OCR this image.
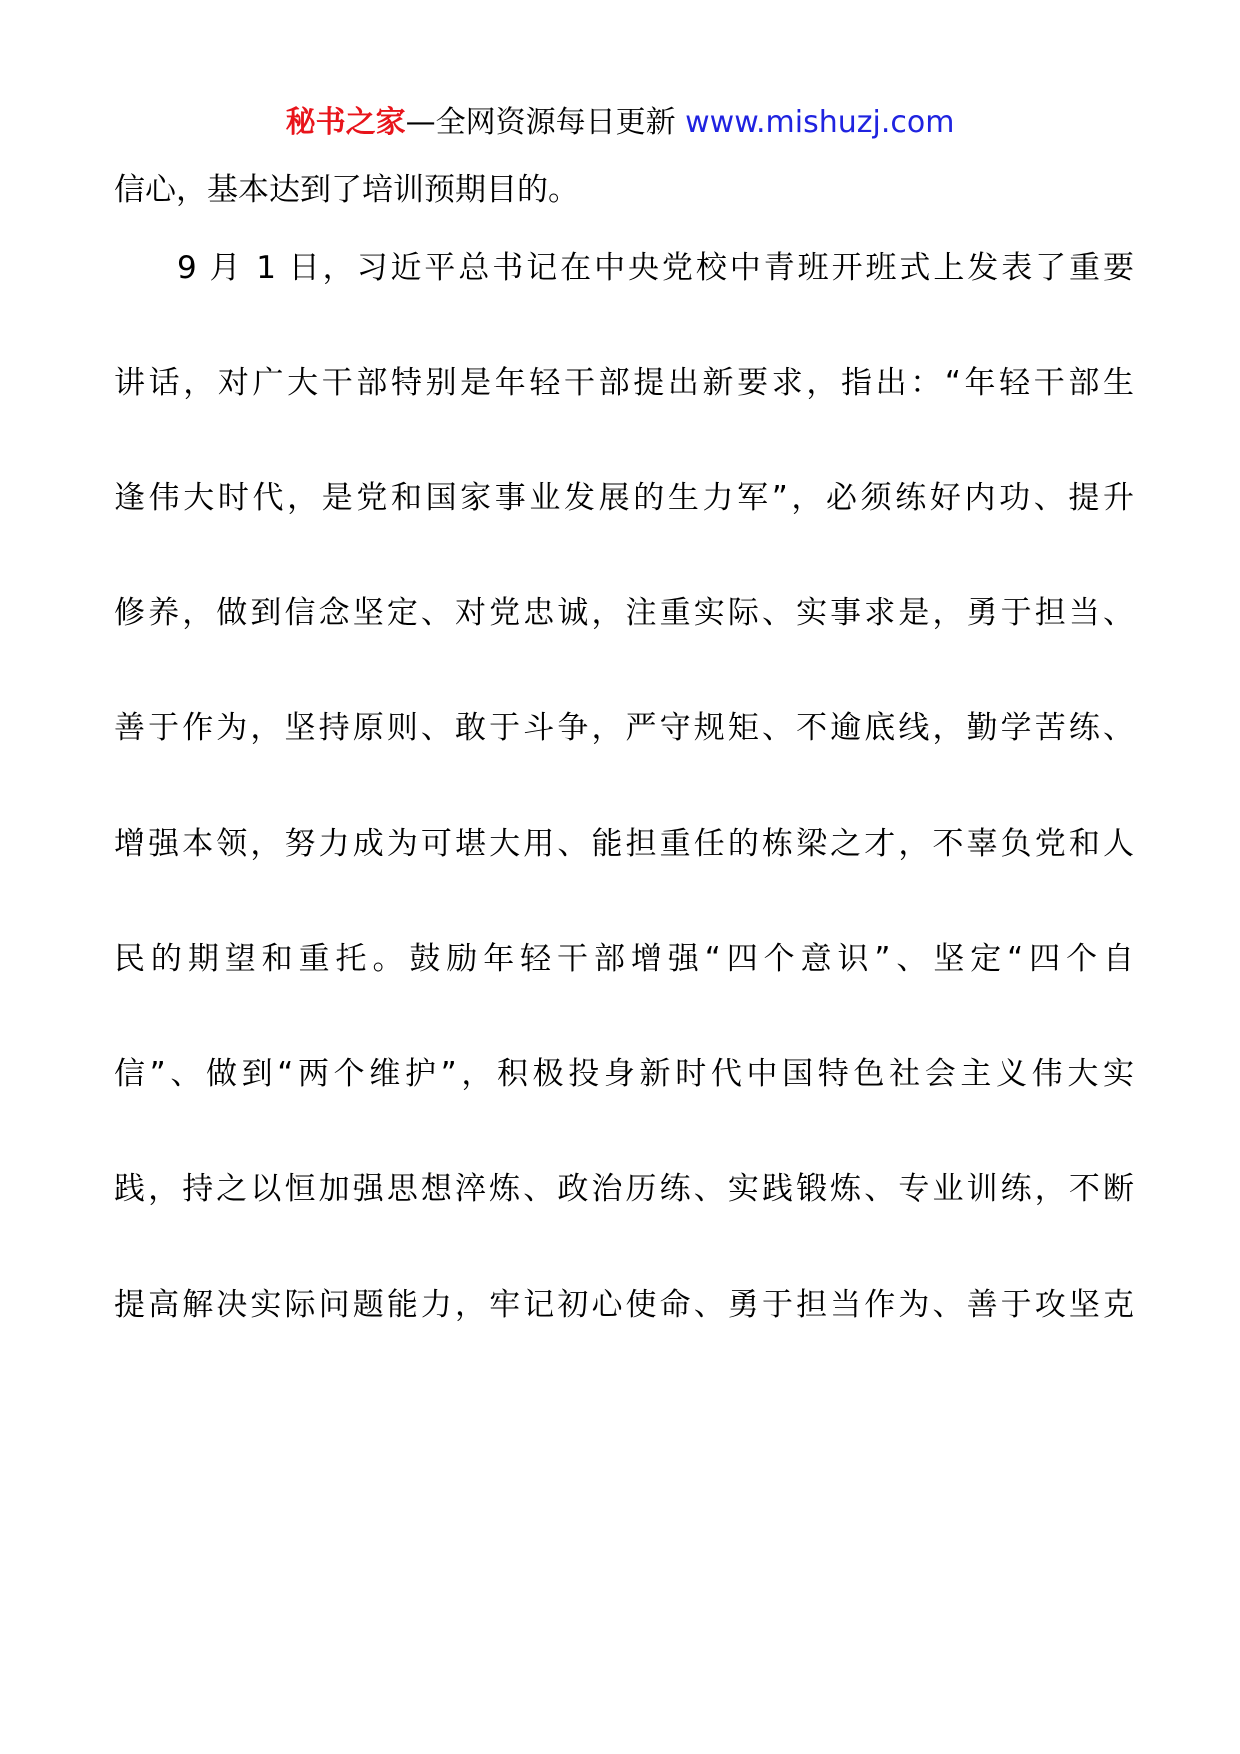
秘书之家—全网资源每日更新 www.mishuzj.com
信心，基本达到了培训预期目的。
9 月 1 日，习近平总书记在中央党校中青班开班式上发表了重要
讲话，对广大干部特别是年轻干部提出新要求，指出：“年轻干部生
逢伟大时代，是党和国家事业发展的生力军”，必须练好内功、提升
修养，做到信念坚定、对党忠诚，注重实际、实事求是，勇于担当、
善于作为，坚持原则、敢于斗争，严守规矩、不逾底线，勤学苦练、
增强本领，努力成为可堪大用、能担重任的栋梁之才，不辜负党和人
民的期望和重托。鼓励年轻干部增强“四个意识”、坚定“四个自
信”、做到“两个维护”，积极投身新时代中国特色社会主义伟大实
践，持之以恒加强思想淬炼、政治历练、实践锻炼、专业训练，不断
提高解决实际问题能力，牢记初心使命、勇于担当作为、善于攻坚克
